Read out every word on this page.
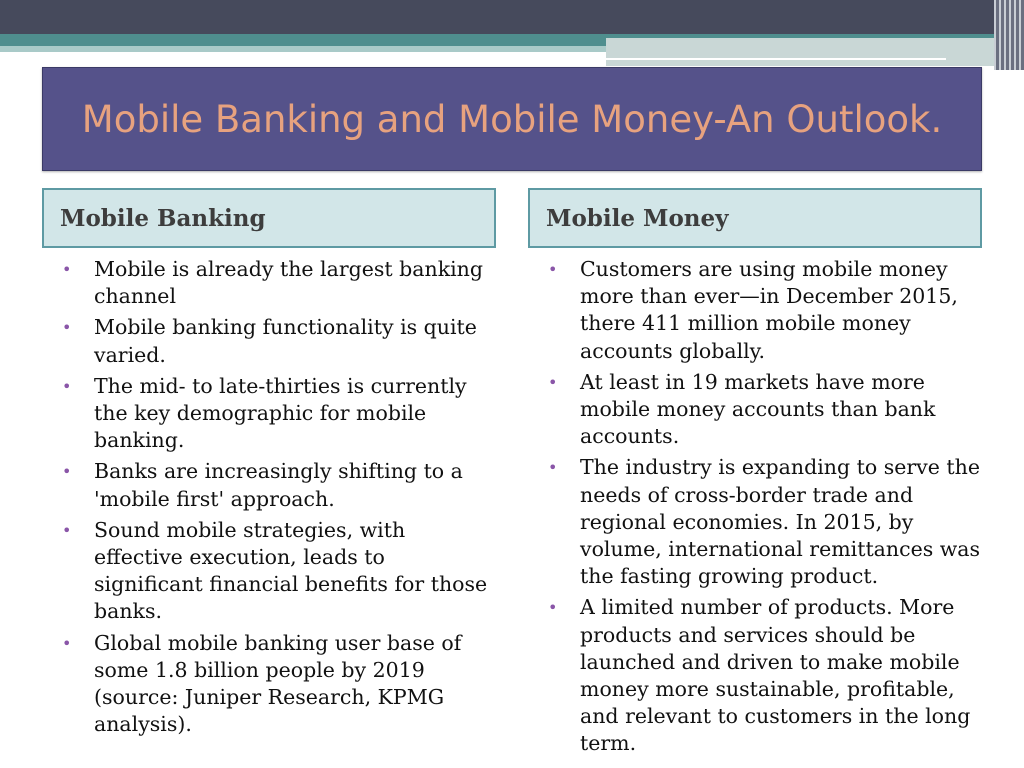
Mobile Banking and Mobile Money-An Outlook.
Mobile Banking	Mobile Money
• Mobile is already the largest banking channel
• Mobile banking functionality is quite varied.
• The mid- to late-thirties is currently the key demographic for mobile banking.
• Banks are increasingly shifting to a 'mobile first' approach.
• Sound mobile strategies, with effective execution, leads to significant financial benefits for those banks.
• Global mobile banking user base of some 1.8 billion people by 2019 (source: Juniper Research, KPMG analysis).
• Customers are using mobile money more than ever—in December 2015, there 411 million mobile money accounts globally.
• At least in 19 markets have more mobile money accounts than bank accounts.
• The industry is expanding to serve the needs of cross-border trade and regional economies. In 2015, by volume, international remittances was the fasting growing product.
• A limited number of products. More products and services should be launched and driven to make mobile money more sustainable, profitable, and relevant to customers in the long term.
